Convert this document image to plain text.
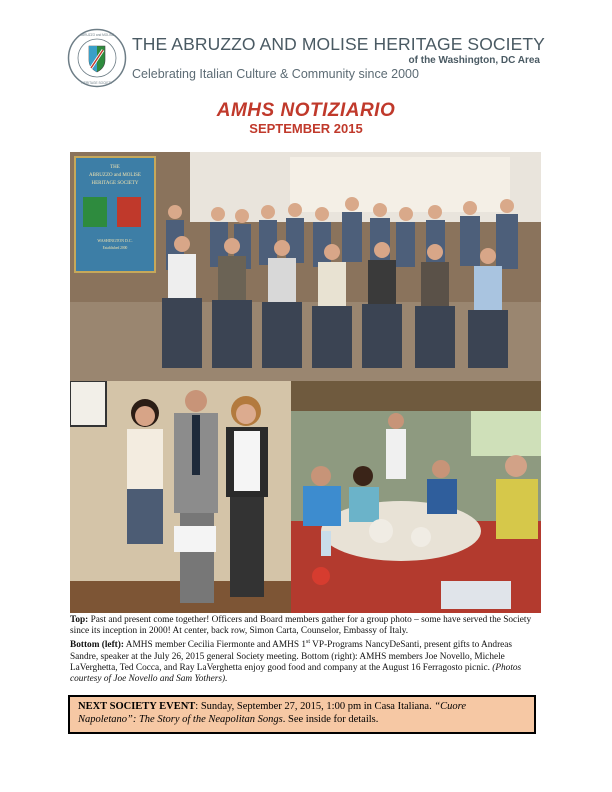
ABRUZZO and MOLISE
HERITAGE SOCIETY
THE ABRUZZO AND MOLISE HERITAGE SOCIETY
of the Washington, DC Area
Celebrating Italian Culture & Community since 2000
AMHS NOTIZIARIO
SEPTEMBER 2015
THE
ABRUZZO and MOLISE
HERITAGE SOCIETY
WASHINGTON D.C.
Established 2000
Top: Past and present come together! Officers and Board members gather for a group photo – some have served the Society since its inception in 2000! At center, back row, Simon Carta, Counselor, Embassy of Italy.
Bottom (left): AMHS member Cecilia Fiermonte and AMHS 1st VP-Programs NancyDeSanti, present gifts to Andreas Sandre, speaker at the July 26, 2015 general Society meeting. Bottom (right): AMHS members Joe Novello, Michele LaVerghetta, Ted Cocca, and Ray LaVerghetta enjoy good food and company at the August 16 Ferragosto picnic. (Photos courtesy of Joe Novello and Sam Yothers).
NEXT SOCIETY EVENT: Sunday, September 27, 2015, 1:00 pm in Casa Italiana. “Cuore Napoletano”: The Story of the Neapolitan Songs. See inside for details.
